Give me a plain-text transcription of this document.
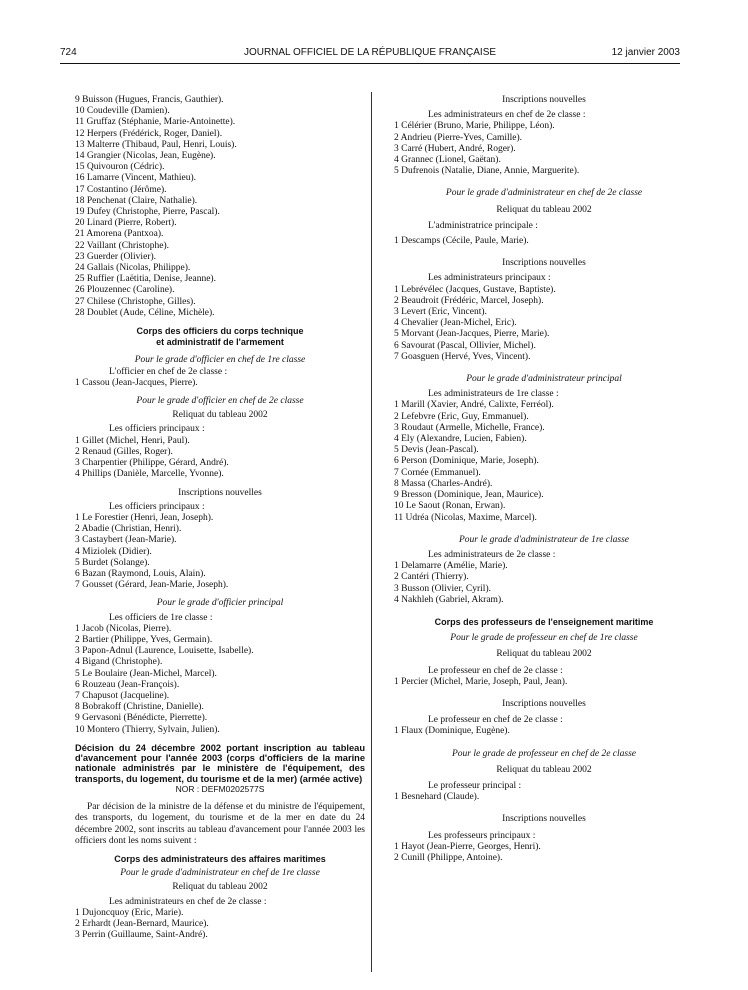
724	JOURNAL OFFICIEL DE LA RÉPUBLIQUE FRANÇAISE	12 janvier 2003
9 Buisson (Hugues, Francis, Gauthier).
10 Coudeville (Damien).
11 Gruffaz (Stéphanie, Marie-Antoinette).
12 Herpers (Frédérick, Roger, Daniel).
13 Malterre (Thibaud, Paul, Henri, Louis).
14 Grangier (Nicolas, Jean, Eugène).
15 Quivouron (Cédric).
16 Lamarre (Vincent, Mathieu).
17 Costantino (Jérôme).
18 Penchenat (Claire, Nathalie).
19 Dufey (Christophe, Pierre, Pascal).
20 Linard (Pierre, Robert).
21 Amorena (Pantxoa).
22 Vaillant (Christophe).
23 Guerder (Olivier).
24 Gallais (Nicolas, Philippe).
25 Ruffier (Laëtitia, Denise, Jeanne).
26 Plouzennec (Caroline).
27 Chilese (Christophe, Gilles).
28 Doublet (Aude, Céline, Michèle).
Corps des officiers du corps technique
et administratif de l'armement
Pour le grade d'officier en chef de 1re classe
L'officier en chef de 2e classe :
1 Cassou (Jean-Jacques, Pierre).
Pour le grade d'officier en chef de 2e classe
Reliquat du tableau 2002
Les officiers principaux :
1 Gillet (Michel, Henri, Paul).
2 Renaud (Gilles, Roger).
3 Charpentier (Philippe, Gérard, André).
4 Phillips (Danièle, Marcelle, Yvonne).
Inscriptions nouvelles
Les officiers principaux :
1 Le Forestier (Henri, Jean, Joseph).
2 Abadie (Christian, Henri).
3 Castaybert (Jean-Marie).
4 Miziolek (Didier).
5 Burdet (Solange).
6 Bazan (Raymond, Louis, Alain).
7 Gousset (Gérard, Jean-Marie, Joseph).
Pour le grade d'officier principal
Les officiers de 1re classe :
1 Jacob (Nicolas, Pierre).
2 Bartier (Philippe, Yves, Germain).
3 Papon-Adnul (Laurence, Louisette, Isabelle).
4 Bigand (Christophe).
5 Le Boulaire (Jean-Michel, Marcel).
6 Rouzeau (Jean-François).
7 Chapusot (Jacqueline).
8 Bobrakoff (Christine, Danielle).
9 Gervasoni (Bénédicte, Pierrette).
10 Montero (Thierry, Sylvain, Julien).
Décision du 24 décembre 2002 portant inscription au tableau d'avancement pour l'année 2003 (corps d'officiers de la marine nationale administrés par le ministère de l'équipement, des transports, du logement, du tourisme et de la mer) (armée active)
NOR : DEFM0202577S
Par décision de la ministre de la défense et du ministre de l'équipement, des transports, du logement, du tourisme et de la mer en date du 24 décembre 2002, sont inscrits au tableau d'avancement pour l'année 2003 les officiers dont les noms suivent :
Corps des administrateurs des affaires maritimes
Pour le grade d'administrateur en chef de 1re classe
Reliquat du tableau 2002
Les administrateurs en chef de 2e classe :
1 Dujoncquoy (Eric, Marie).
2 Erhardt (Jean-Bernard, Maurice).
3 Perrin (Guillaume, Saint-André).
Inscriptions nouvelles
Les administrateurs en chef de 2e classe :
1 Célérier (Bruno, Marie, Philippe, Léon).
2 Andrieu (Pierre-Yves, Camille).
3 Carré (Hubert, André, Roger).
4 Grannec (Lionel, Gaëtan).
5 Dufrenois (Natalie, Diane, Annie, Marguerite).
Pour le grade d'administrateur en chef de 2e classe
Reliquat du tableau 2002
L'administratrice principale :
1 Descamps (Cécile, Paule, Marie).
Inscriptions nouvelles
Les administrateurs principaux :
1 Lebrévélec (Jacques, Gustave, Baptiste).
2 Beaudroit (Frédéric, Marcel, Joseph).
3 Levert (Eric, Vincent).
4 Chevalier (Jean-Michel, Eric).
5 Morvant (Jean-Jacques, Pierre, Marie).
6 Savourat (Pascal, Ollivier, Michel).
7 Goasguen (Hervé, Yves, Vincent).
Pour le grade d'administrateur principal
Les administrateurs de 1re classe :
1 Marill (Xavier, André, Calixte, Ferréol).
2 Lefebvre (Eric, Guy, Emmanuel).
3 Roudaut (Armelle, Michelle, France).
4 Ely (Alexandre, Lucien, Fabien).
5 Devis (Jean-Pascal).
6 Person (Dominique, Marie, Joseph).
7 Cornée (Emmanuel).
8 Massa (Charles-André).
9 Bresson (Dominique, Jean, Maurice).
10 Le Saout (Ronan, Erwan).
11 Udréa (Nicolas, Maxime, Marcel).
Pour le grade d'administrateur de 1re classe
Les administrateurs de 2e classe :
1 Delamarre (Amélie, Marie).
2 Cantéri (Thierry).
3 Busson (Olivier, Cyril).
4 Nakhleh (Gabriel, Akram).
Corps des professeurs de l'enseignement maritime
Pour le grade de professeur en chef de 1re classe
Reliquat du tableau 2002
Le professeur en chef de 2e classe :
1 Percier (Michel, Marie, Joseph, Paul, Jean).
Inscriptions nouvelles
Le professeur en chef de 2e classe :
1 Flaux (Dominique, Eugène).
Pour le grade de professeur en chef de 2e classe
Reliquat du tableau 2002
Le professeur principal :
1 Besnehard (Claude).
Inscriptions nouvelles
Les professeurs principaux :
1 Hayot (Jean-Pierre, Georges, Henri).
2 Cunill (Philippe, Antoine).
